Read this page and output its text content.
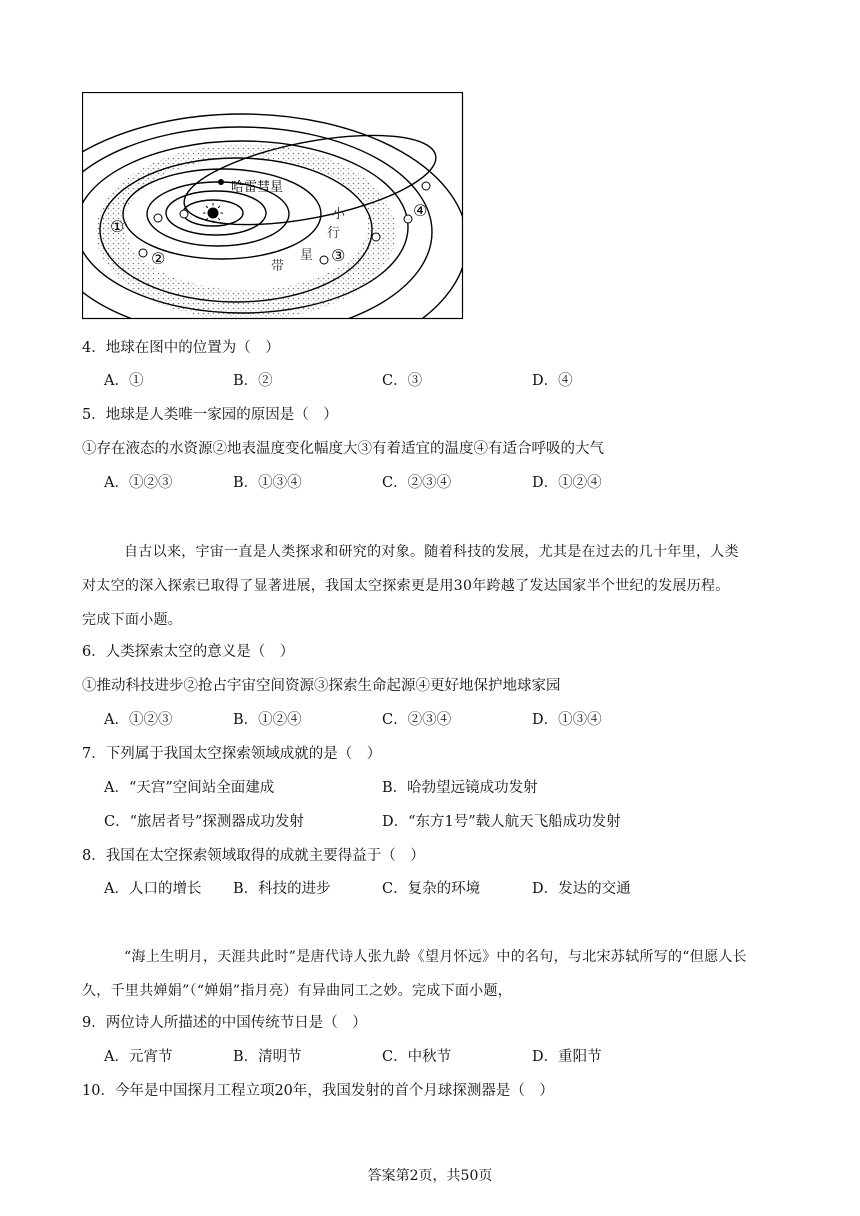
哈雷彗星
小
行
星
带
①
②	③
④
4．地球在图中的位置为（　）
A．①	B．②	C．③	D．④
5．地球是人类唯一家园的原因是（　）
①存在液态的水资源②地表温度变化幅度大③有着适宜的温度④有适合呼吸的大气
A．①②③	B．①③④	C．②③④	D．①②④
自古以来，宇宙一直是人类探求和研究的对象。随着科技的发展，尤其是在过去的几十年里，人类
对太空的深入探索已取得了显著进展，我国太空探索更是用30年跨越了发达国家半个世纪的发展历程。
完成下面小题。
6．人类探索太空的意义是（　）
①推动科技进步②抢占宇宙空间资源③探索生命起源④更好地保护地球家园
A．①②③	B．①②④	C．②③④	D．①③④
7．下列属于我国太空探索领域成就的是（　）
A．“天宫”空间站全面建成	B．哈勃望远镜成功发射
C．“旅居者号”探测器成功发射	D．“东方1号”载人航天飞船成功发射
8．我国在太空探索领域取得的成就主要得益于（　）
A．人口的增长 B．科技的进步	C．复杂的环境	D．发达的交通
“海上生明月，天涯共此时”是唐代诗人张九龄《望月怀远》中的名句，与北宋苏轼所写的“但愿人长
久，千里共婵娟”（“婵娟”指月亮）有异曲同工之妙。完成下面小题，
9．两位诗人所描述的中国传统节日是（　）
A．元宵节	B．清明节	C．中秋节	D．重阳节
10．今年是中国探月工程立项20年，我国发射的首个月球探测器是（　）
答案第2页，共50页
